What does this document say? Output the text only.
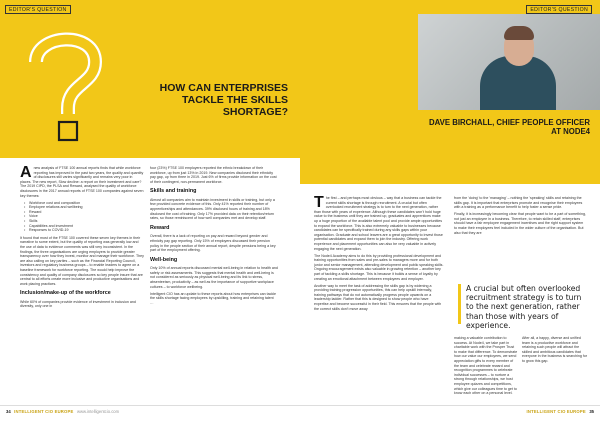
EDITOR'S QUESTION
HOW CAN ENTERPRISES TACKLE THE SKILLS SHORTAGE?

Anew analysis of FTSE 100 annual reports finds that while workforce reporting has improved in the past two years, the quality and quantity of disclosures still varies significantly and remains very poor in places. The new report, Slow decline: a report on their investment and care? The 2019 CIPD, the PLSA and Reward, analysed the quality of workforce disclosures in the 2017 annual reports of FTSE 100 companies against seven key themes:

• Workforce cost and composition
• Employee relations and wellbeing
• Reward
• Voice
• Skills
• Capabilities and investment
• Responses to COVID-19

It found that most of the FTSE 100 covered these seven key themes in their narrative to some extent, but the quality of reporting was generally low and the use of data to evidence comments was still very inconsistent. In the findings, the three organisations are urging employers to provide greater transparency over how they invest, monitor and manage their workforce. They are also calling on key parties – such as the Financial Reporting Council, investors and regulatory business groups – to enable leaders to agree on a baseline framework for workforce reporting. The would help improve the consistency and quality of company disclosures so key people insure that are central to all efforts create more inclusive and productive organisations and work placing practices.

Inclusion/make-up of the workforce

While 60% of companies provide evidence of investment in inclusion and diversity, only one in

four (23%) FTSE 100 employers reported the ethnic breakdown of their workforce, up from just 13% in 2019. New companies disclosed their ethnicity pay gap, up from three in 2019. Just 6% of firms provide information on the cost of their contingent, non-permanent workforce.

Skills and training

Almost all companies aim to maintain investment in skills or training, but only a few provided concrete evidence of this. Only 41% reported their number of apprenticeships and attendances. 39% disclosed hours of training and 18% disclosed the cost of training. Only 17% provided data on their retention/return rates, so those reminiscent of how well companies met and develop staff.

Reward

Overall, there is a lack of reporting on pay and reward beyond gender and ethnicity pay gap reporting. Only 15% of employers discussed their pension policy in the people section of their annual report, despite pensions being a key part of the employment offering.

Well-being

Only 10% of annual reports discussed mental well-being in relation to health and safety or risk assessments. This suggests that mental health and well-being is not considered as seriously as physical well-being and its link to stress, absenteeism, productivity – as well as the importance of supportive workplace cultures – to workforce wellbeing.

Intelligent CIO has an update to these reports about how enterprises can tackle the skills shortage facing employees by upskilling, training and retaining talent …

34 INTELLIGENT CIO EUROPE www.intelligentcio.com
EDITOR'S QUESTION
DAVE BIRCHALL, CHIEF PEOPLE OFFICER AT NODE4

The first – and perhaps most obvious – way that a business can tackle the current skills shortage is through recruitment. A crucial but often overlooked recruitment strategy is to turn to the next generation, rather than those with years of experience. Although these candidates won't hold huge value to the business until they are trained up, graduates and apprentices make up a huge proportion of the available talent pool and provide ample opportunities to expand the workforce. This is also extremely valuable to businesses because candidates can be specifically trained during any skills gaps within your organisation. Graduate and school leavers are a great opportunity to invest those potential candidates and expand them to join the industry. Offering work experience and placement opportunities can also be very valuable in actively engaging the next generation.

The Node4 Academy aims to do this by providing professional development and training opportunities from sales and pre-sales to managers more and for both junior and senior management, attending development and public speaking skills. Ongoing encouragement exists also valuable in growing retention – another key part of tackling a skills shortage. This is because it builds a sense of loyalty by creating an emotional attachment between employees and employer.

Another way to meet the task of addressing the skills gap is by widening a providing training progression opportunities, this can help upskill internally, training pathways that do not automatically progress people upwards on a leadership ladder. Rather that this is designed to show people who have expertise and become successful in their field. This ensures that the people with the correct skills don't move away

from the 'doing' to the 'managing' – nothing the 'speaking' skills and retaining the skills gap. It is important that enterprises promote and recognise their employees with a training as a performance benefit to help foster a sense pride.

Finally, it is increasingly becoming clear that people want to be a part of something, not just an employee in a business. Therefore, to retain skilled staff, enterprises should have a fair employee engagement incentives and the right support system to make their employees feel included in the wider culture of the organisation. But also that they are

A crucial but often overlooked recruitment strategy is to turn to the next generation, rather than those with years of experience.

making a valuable contribution to success. At Node4, we take part in charitable work with the Prosper Trust to make that difference. To demonstrate how our value our employees, we send appreciation gifts to every member of the team and celebrate reward and recognition programmes to celebrate individual successes – to nurture a strong through relationships, we host employee quizzes and competitions, which give our colleagues time to get to know each other on a personal level.

After all, a happy, diverse and unified team is a productive workforce and retaining such people will attract the skilled and ambitious candidates that everyone in the business is searching for to grow this gap.

INTELLIGENT CIO EUROPE 35
